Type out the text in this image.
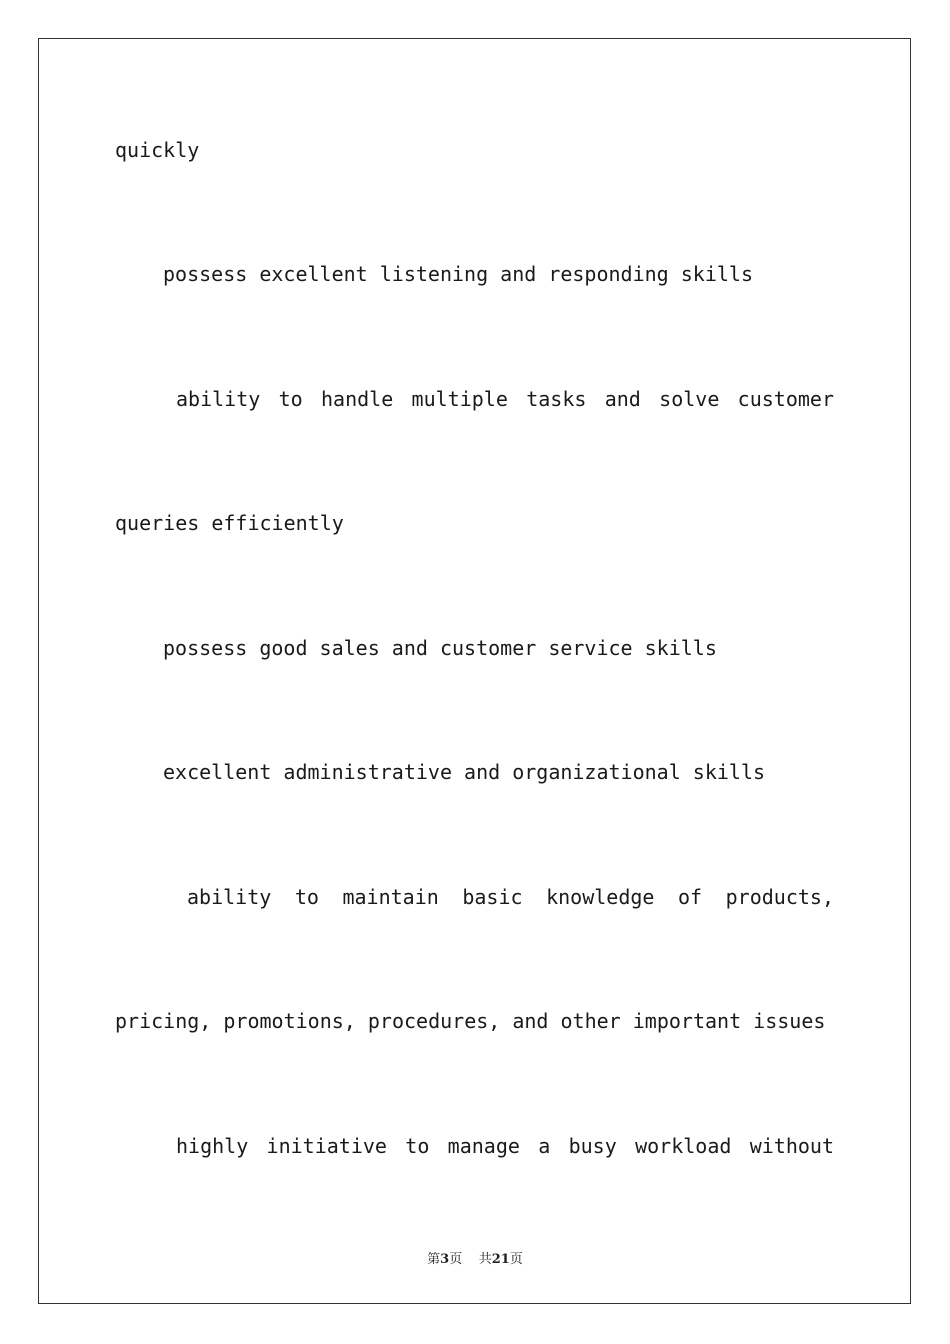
quickly
possess excellent listening and responding skills
ability to handle multiple tasks and solve customer
queries efficiently
possess good sales and customer service skills
excellent administrative and organizational skills
ability to maintain basic knowledge of products,
pricing, promotions, procedures, and other important issues
highly initiative to manage a busy workload without
第3页 共21页
